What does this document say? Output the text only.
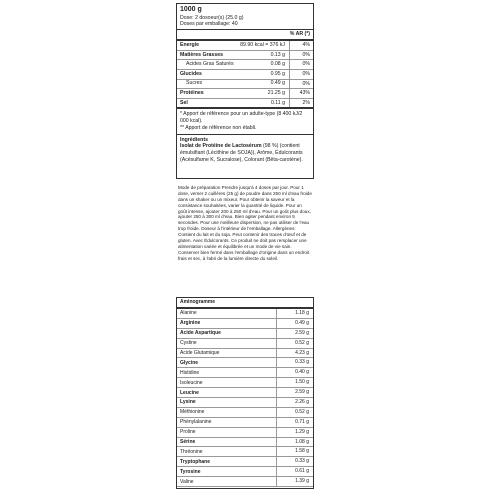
1000 g
Dose: 2 dosoeur(s) (25.0 g)
Doses par emballage: 40
% AR (*)
Énergie	89.90 kcal = 376 kJ	4%
Matières Grasses	0.13 g	0%
Acides Gras Saturés	0.08 g	0%
Glucides	0.95 g	0%
Sucres	0.49 g	0%
Protéines	21.25 g	43%
Sel	0.11 g	2%
* Apport de référence pour un adulte-type (8 400 kJ/2 000 kcal).
** Apport de référence non établi.
Ingrédients
Isolat de Protéine de Lactosérum (98 %) (contient émulsifiant (Lécithine de SOJA)), Arôme, Édulcorants (Acésulfame K, Sucralose), Colorant (Bêta-carotène).
Mode de préparation Prendre jusqu'à 4 doses par jour. Pour 1 dose, verser 2 cuillères (25 g) de poudre dans 250 ml d'eau froide dans un shaker ou un mixeur. Pour obtenir la saveur et la consistance souhaitées, varier la quantité de liquide. Pour un goût intense, ajouter 200 à 250 ml d'eau. Pour un goût plus doux, ajouter 250 à 300 ml d'eau. Bien agiter pendant environ 5 secondes. Pour une meilleure dispersion, ne pas utiliser de l'eau trop froide. Doseur à l'intérieur de l'emballage. Allergènes: Contient du lait et du soja. Peut contenir des traces d'œuf et de gluten. Avec Édulcorants. Ce produit ne doit pas remplacer une alimentation variée et équilibrée et un mode de vie sain. Conserver bien fermé dans l'emballage d'origine dans un endroit frais et sec, à l'abri de la lumière directe du soleil.
Aminogramme
Alanine	1.18 g
Arginine	0.49 g
Acide Aspartique	2.59 g
Cystine	0.52 g
Acide Glutamique	4.23 g
Glycine	0.33 g
Histidine	0.40 g
Isoleucine	1.50 g
Leucine	2.59 g
Lysine	2.26 g
Méthionine	0.52 g
Phénylalanine	0.71 g
Proline	1.29 g
Sérine	1.08 g
Thréonine	1.58 g
Tryptophane	0.33 g
Tyrosine	0.61 g
Valine	1.39 g
